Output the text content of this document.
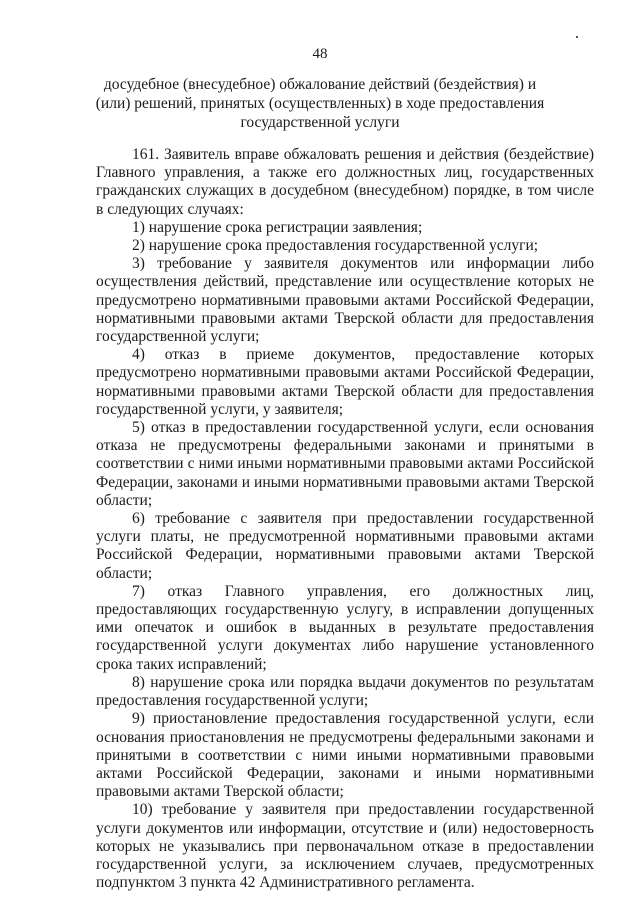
48
досудебное (внесудебное) обжалование действий (бездействия) и (или) решений, принятых (осуществленных) в ходе предоставления государственной услуги

161. Заявитель вправе обжаловать решения и действия (бездействие) Главного управления, а также его должностных лиц, государственных гражданских служащих в досудебном (внесудебном) порядке, в том числе в следующих случаях:

1) нарушение срока регистрации заявления;

2) нарушение срока предоставления государственной услуги;

3) требование у заявителя документов или информации либо осуществления действий, представление или осуществление которых не предусмотрено нормативными правовыми актами Российской Федерации, нормативными правовыми актами Тверской области для предоставления государственной услуги;

4) отказ в приеме документов, предоставление которых предусмотрено нормативными правовыми актами Российской Федерации, нормативными правовыми актами Тверской области для предоставления государственной услуги, у заявителя;

5) отказ в предоставлении государственной услуги, если основания отказа не предусмотрены федеральными законами и принятыми в соответствии с ними иными нормативными правовыми актами Российской Федерации, законами и иными нормативными правовыми актами Тверской области;

6) требование с заявителя при предоставлении государственной услуги платы, не предусмотренной нормативными правовыми актами Российской Федерации, нормативными правовыми актами Тверской области;

7) отказ Главного управления, его должностных лиц, предоставляющих государственную услугу, в исправлении допущенных ими опечаток и ошибок в выданных в результате предоставления государственной услуги документах либо нарушение установленного срока таких исправлений;

8) нарушение срока или порядка выдачи документов по результатам предоставления государственной услуги;

9) приостановление предоставления государственной услуги, если основания приостановления не предусмотрены федеральными законами и принятыми в соответствии с ними иными нормативными правовыми актами Российской Федерации, законами и иными нормативными правовыми актами Тверской области;

10) требование у заявителя при предоставлении государственной услуги документов или информации, отсутствие и (или) недостоверность которых не указывались при первоначальном отказе в предоставлении государственной услуги, за исключением случаев, предусмотренных подпунктом 3 пункта 42 Административного регламента.
